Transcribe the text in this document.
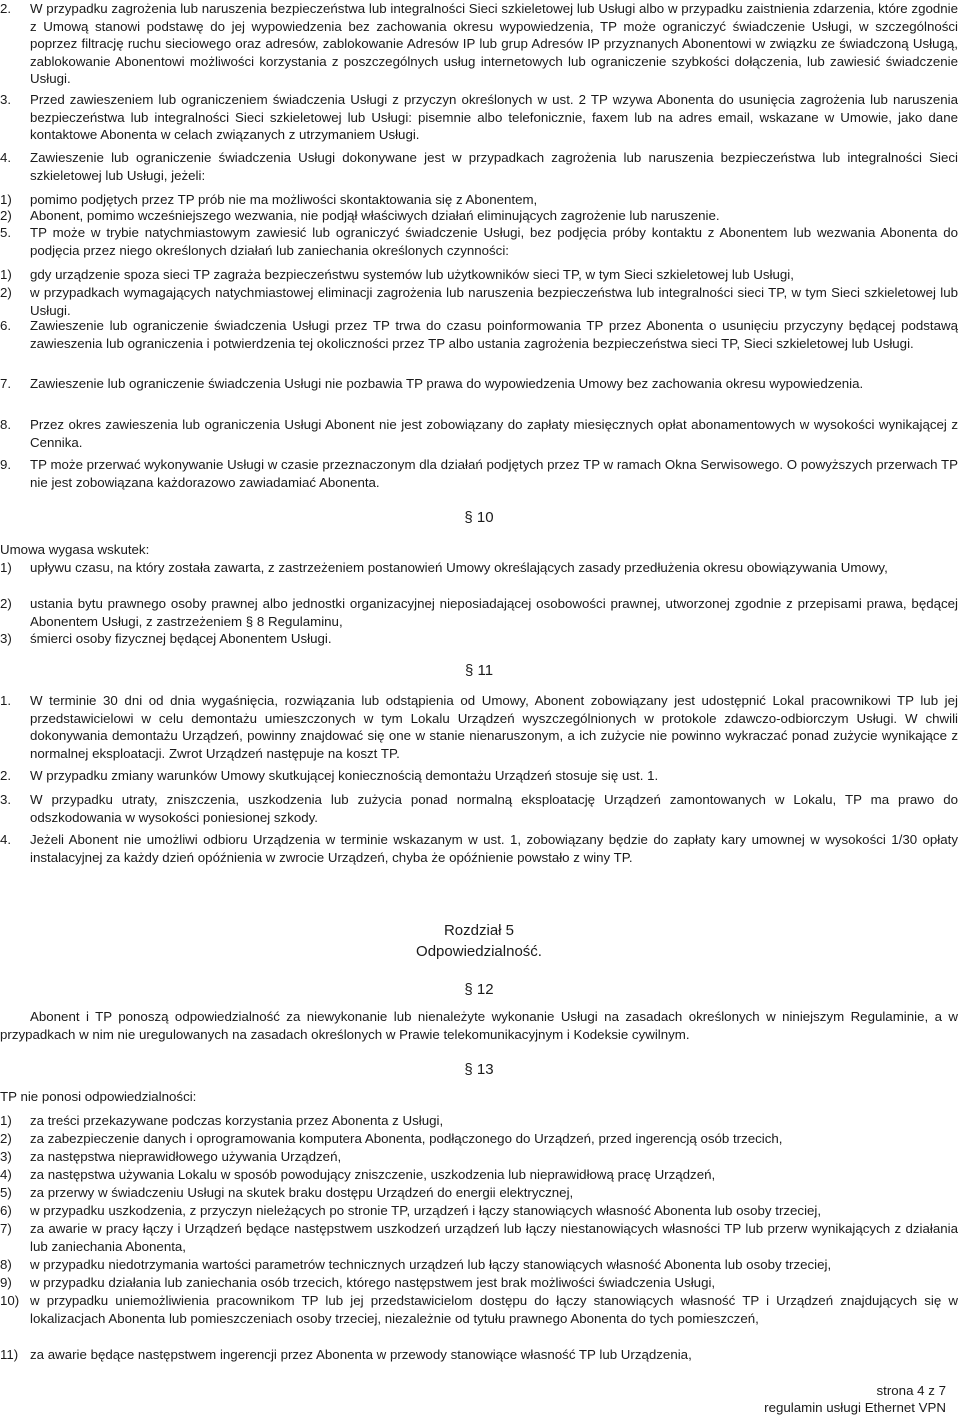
2.	W przypadku zagrożenia lub naruszenia bezpieczeństwa lub integralności Sieci szkieletowej lub Usługi albo w przypadku zaistnienia zdarzenia, które zgodnie z Umową stanowi podstawę do jej wypowiedzenia bez zachowania okresu wypowiedzenia, TP może ograniczyć świadczenie Usługi, w szczególności poprzez filtrację ruchu sieciowego oraz adresów, zablokowanie Adresów IP lub grup Adresów IP przyznanych Abonentowi w związku ze świadczoną Usługą, zablokowanie Abonentowi możliwości korzystania z poszczególnych usług internetowych lub ograniczenie szybkości dołączenia, lub zawiesić świadczenie Usługi.
3.	Przed zawieszeniem lub ograniczeniem świadczenia Usługi z przyczyn określonych w ust. 2 TP wzywa Abonenta do usunięcia zagrożenia lub naruszenia bezpieczeństwa lub integralności Sieci szkieletowej lub Usługi: pisemnie albo telefonicznie, faxem lub na adres email, wskazane w Umowie, jako dane kontaktowe Abonenta w celach związanych z utrzymaniem Usługi.
4.	Zawieszenie lub ograniczenie świadczenia Usługi dokonywane jest w przypadkach zagrożenia lub naruszenia bezpieczeństwa lub integralności Sieci szkieletowej lub Usługi, jeżeli:
1)	pomimo podjętych przez TP prób nie ma możliwości skontaktowania się z Abonentem,
2)	Abonent, pomimo wcześniejszego wezwania, nie podjął właściwych działań eliminujących zagrożenie lub naruszenie.
5.	TP może w trybie natychmiastowym zawiesić lub ograniczyć świadczenie Usługi, bez podjęcia próby kontaktu z Abonentem lub wezwania Abonenta do podjęcia przez niego określonych działań lub zaniechania określonych czynności:
1)	gdy urządzenie spoza sieci TP zagraża bezpieczeństwu systemów lub użytkowników sieci TP, w tym Sieci szkieletowej lub Usługi,
2)	w przypadkach wymagających natychmiastowej eliminacji zagrożenia lub naruszenia bezpieczeństwa lub integralności sieci TP, w tym Sieci szkieletowej lub Usługi.
6.	Zawieszenie lub ograniczenie świadczenia Usługi przez TP trwa do czasu poinformowania TP przez Abonenta o usunięciu przyczyny będącej podstawą zawieszenia lub ograniczenia i potwierdzenia tej okoliczności przez TP albo ustania zagrożenia bezpieczeństwa sieci TP, Sieci szkieletowej lub Usługi.
7.	Zawieszenie lub ograniczenie świadczenia Usługi nie pozbawia TP prawa do wypowiedzenia Umowy bez zachowania okresu wypowiedzenia.
8.	Przez okres zawieszenia lub ograniczenia Usługi Abonent nie jest zobowiązany do zapłaty miesięcznych opłat abonamentowych w wysokości wynikającej z Cennika.
9.	TP może przerwać wykonywanie Usługi w czasie przeznaczonym dla działań podjętych przez TP w ramach Okna Serwisowego. O powyższych przerwach TP nie jest zobowiązana każdorazowo zawiadamiać Abonenta.
§ 10
Umowa wygasa wskutek:
1)	upływu czasu, na który została zawarta, z zastrzeżeniem postanowień Umowy określających zasady przedłużenia okresu obowiązywania Umowy,
2)	ustania bytu prawnego osoby prawnej albo jednostki organizacyjnej nieposiadającej osobowości prawnej, utworzonej zgodnie z przepisami prawa, będącej Abonentem Usługi, z zastrzeżeniem § 8 Regulaminu,
3)	śmierci osoby fizycznej będącej Abonentem Usługi.
§ 11
1.	W terminie 30 dni od dnia wygaśnięcia, rozwiązania lub odstąpienia od Umowy, Abonent zobowiązany jest udostępnić Lokal pracownikowi TP lub jej przedstawicielowi w celu demontażu umieszczonych w tym Lokalu Urządzeń wyszczególnionych w protokole zdawczo-odbiorczym Usługi. W chwili dokonywania demontażu Urządzeń, powinny znajdować się one w stanie nienaruszonym, a ich zużycie nie powinno wykraczać ponad zużycie wynikające z normalnej eksploatacji. Zwrot Urządzeń następuje na koszt TP.
2.	W przypadku zmiany warunków Umowy skutkującej koniecznością demontażu Urządzeń stosuje się ust. 1.
3.	W przypadku utraty, zniszczenia, uszkodzenia lub zużycia ponad normalną eksploatację Urządzeń zamontowanych w Lokalu, TP ma prawo do odszkodowania w wysokości poniesionej szkody.
4.	Jeżeli Abonent nie umożliwi odbioru Urządzenia w terminie wskazanym w ust. 1, zobowiązany będzie do zapłaty kary umownej w wysokości 1/30 opłaty instalacyjnej za każdy dzień opóźnienia w zwrocie Urządzeń, chyba że opóźnienie powstało z winy TP.
Rozdział 5
Odpowiedzialność.
§ 12
Abonent i TP ponoszą odpowiedzialność za niewykonanie lub nienależyte wykonanie Usługi na zasadach określonych w niniejszym Regulaminie, a w przypadkach w nim nie uregulowanych na zasadach określonych w Prawie telekomunikacyjnym i Kodeksie cywilnym.
§ 13
TP nie ponosi odpowiedzialności:
1)	za treści przekazywane podczas korzystania przez Abonenta z Usługi,
2)	za zabezpieczenie danych i oprogramowania komputera Abonenta, podłączonego do Urządzeń, przed ingerencją osób trzecich,
3)	za następstwa nieprawidłowego używania Urządzeń,
4)	za następstwa używania Lokalu w sposób powodujący zniszczenie, uszkodzenia lub nieprawidłową pracę Urządzeń,
5)	za przerwy w świadczeniu Usługi na skutek braku dostępu Urządzeń do energii elektrycznej,
6)	w przypadku uszkodzenia, z przyczyn nieleżących po stronie TP, urządzeń i łączy stanowiących własność Abonenta lub osoby trzeciej,
7)	za awarie w pracy łączy i Urządzeń będące następstwem uszkodzeń urządzeń lub łączy niestanowiących własności TP lub przerw wynikających z działania lub zaniechania Abonenta,
8)	w przypadku niedotrzymania wartości parametrów technicznych urządzeń lub łączy stanowiących własność Abonenta lub osoby trzeciej,
9)	w przypadku działania lub zaniechania osób trzecich, którego następstwem jest brak możliwości świadczenia Usługi,
10) w przypadku uniemożliwienia pracownikom TP lub jej przedstawicielom dostępu do łączy stanowiących własność TP i Urządzeń znajdujących się w lokalizacjach Abonenta lub pomieszczeniach osoby trzeciej, niezależnie od tytułu prawnego Abonenta do tych pomieszczeń,
11) za awarie będące następstwem ingerencji przez Abonenta w przewody stanowiące własność TP lub Urządzenia,
strona 4 z 7
regulamin usługi Ethernet VPN
